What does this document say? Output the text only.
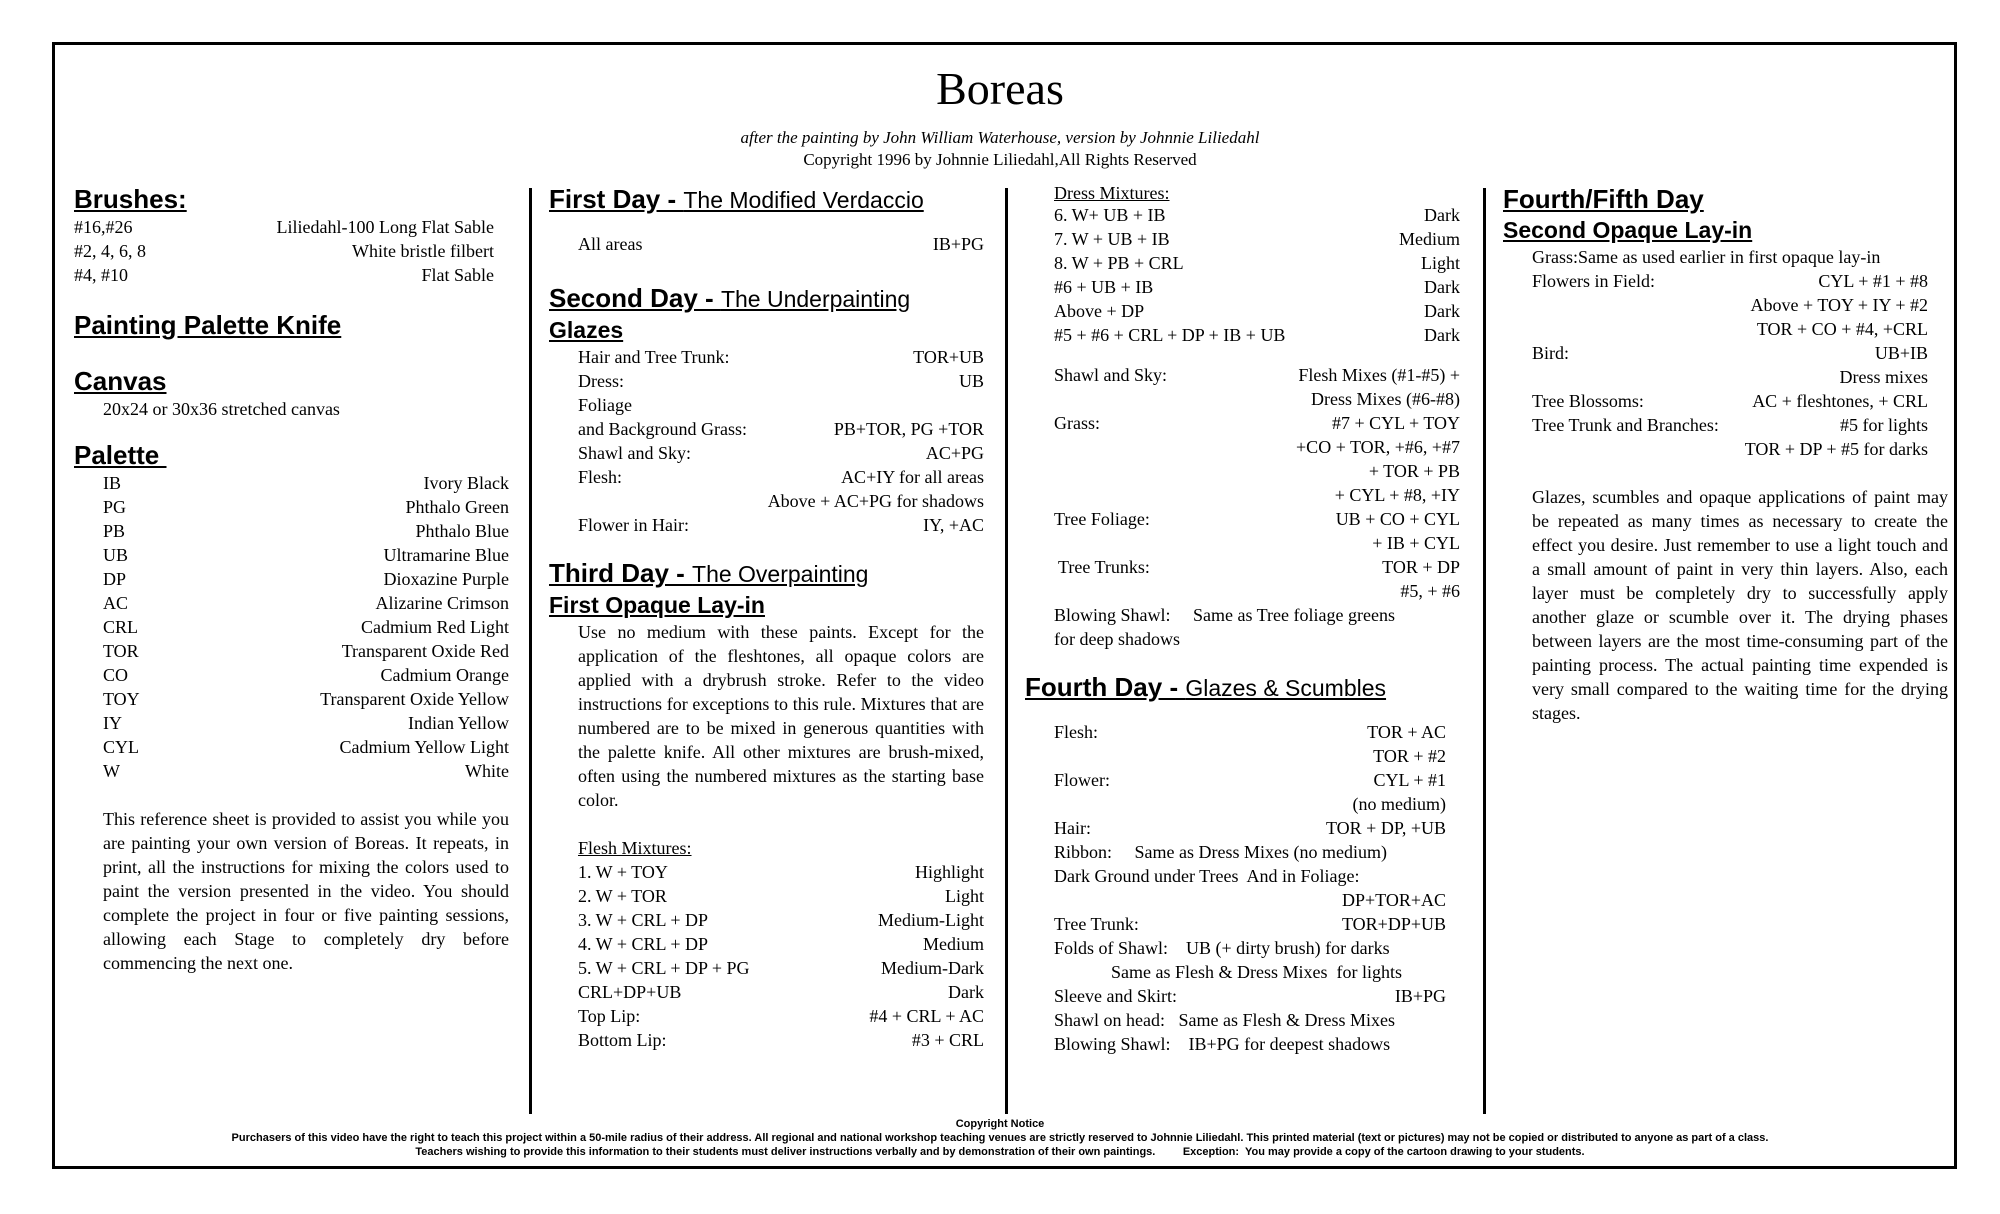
Boreas
after the painting by John William Waterhouse, version by Johnnie Liliedahl
Copyright 1996 by Johnnie Liliedahl,All Rights Reserved
Brushes:
#16,#26	Liliedahl-100 Long Flat Sable
#2, 4, 6, 8	White bristle filbert
#4, #10	Flat Sable
Painting Palette Knife
Canvas
20x24 or 30x36 stretched canvas
Palette
IB	Ivory Black
PG	Phthalo Green
PB	Phthalo Blue
UB	Ultramarine Blue
DP	Dioxazine Purple
AC	Alizarine Crimson
CRL	Cadmium Red Light
TOR	Transparent Oxide Red
CO	Cadmium Orange
TOY	Transparent Oxide Yellow
IY	Indian Yellow
CYL	Cadmium Yellow Light
W	White
This reference sheet is provided to assist you while you are painting your own version of Boreas. It repeats, in print, all the instructions for mixing the colors used to paint the version presented in the video. You should complete the project in four or five painting sessions, allowing each Stage to completely dry before commencing the next one.
First Day - The Modified Verdaccio
All areas	IB+PG
Second Day - The Underpainting
Glazes
Hair and Tree Trunk:	TOR+UB
Dress:	UB
Foliage
and Background Grass:	PB+TOR, PG +TOR
Shawl and Sky:	AC+PG
Flesh:	AC+IY for all areas
Above + AC+PG for shadows
Flower in Hair:	IY, +AC
Third Day - The Overpainting
First Opaque Lay-in
Use no medium with these paints. Except for the application of the fleshtones, all opaque colors are applied with a drybrush stroke. Refer to the video instructions for exceptions to this rule. Mixtures that are numbered are to be mixed in generous quantities with the palette knife. All other mixtures are brush-mixed, often using the numbered mixtures as the starting base color.
Flesh Mixtures:
1. W + TOY	Highlight
2. W + TOR	Light
3. W + CRL + DP	Medium-Light
4. W + CRL + DP	Medium
5. W + CRL + DP + PG	Medium-Dark
CRL+DP+UB	Dark
Top Lip:	#4 + CRL + AC
Bottom Lip:	#3 + CRL
Dress Mixtures:
6. W+ UB + IB	Dark
7. W + UB + IB	Medium
8. W + PB + CRL	Light
#6 + UB + IB	Dark
Above + DP	Dark
#5 + #6 + CRL + DP + IB + UB	Dark
Shawl and Sky:	Flesh Mixes (#1-#5) +
Dress Mixes (#6-#8)
Grass:	#7 + CYL + TOY
+CO + TOR, +#6, +#7
+ TOR + PB
+ CYL + #8, +IY
Tree Foliage:	UB + CO + CYL
+ IB + CYL
Tree Trunks:	TOR + DP
#5, + #6
Blowing Shawl:     Same as Tree foliage greens
for deep shadows
Fourth Day - Glazes & Scumbles
Flesh:	TOR + AC
TOR + #2
Flower:	CYL + #1
(no medium)
Hair:	TOR + DP, +UB
Ribbon:     Same as Dress Mixes (no medium)
Dark Ground under Trees  And in Foliage:
DP+TOR+AC
Tree Trunk:	TOR+DP+UB
Folds of Shawl:    UB (+ dirty brush) for darks
Same as Flesh & Dress Mixes  for lights
Sleeve and Skirt:	IB+PG
Shawl on head:   Same as Flesh & Dress Mixes
Blowing Shawl:    IB+PG for deepest shadows
Fourth/Fifth Day
Second Opaque Lay-in
Grass:Same as used earlier in first opaque lay-in
Flowers in Field:	CYL + #1 + #8
Above + TOY + IY + #2
TOR + CO + #4, +CRL
Bird:	UB+IB
Dress mixes
Tree Blossoms:	AC + fleshtones, + CRL
Tree Trunk and Branches:	#5 for lights
TOR + DP + #5 for darks
Glazes, scumbles and opaque applications of paint may be repeated as many times as necessary to create the effect you desire. Just remember to use a light touch and a small amount of paint in very thin layers. Also, each layer must be completely dry to successfully apply another glaze or scumble over it. The drying phases between layers are the most time-consuming part of the painting process. The actual painting time expended is very small compared to the waiting time for the drying stages.
Copyright Notice
Purchasers of this video have the right to teach this project within a 50-mile radius of their address. All regional and national workshop teaching venues are strictly reserved to Johnnie Liliedahl. This printed material (text or pictures) may not be copied or distributed to anyone as part of a class.
Teachers wishing to provide this information to their students must deliver instructions verbally and by demonstration of their own paintings.         Exception:  You may provide a copy of the cartoon drawing to your students.
